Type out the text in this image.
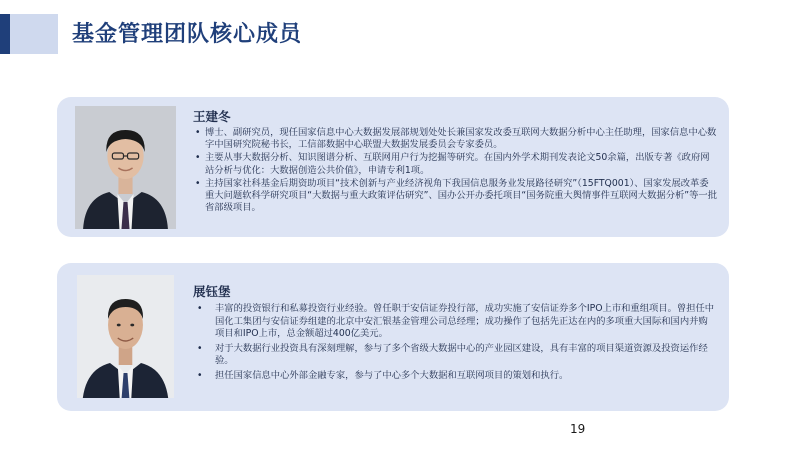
基金管理团队核心成员
王建冬
• 博士、副研究员，现任国家信息中心大数据发展部规划处处长兼国家发改委互联网大数据分析中心主任助理，国家信息中心数字中国研究院秘书长，工信部数据中心联盟大数据发展委员会专家委员。
• 主要从事大数据分析、知识图谱分析、互联网用户行为挖掘等研究。在国内外学术期刊发表论文50余篇，出版专著《政府网站分析与优化：大数据创造公共价值》，申请专利1项。
• 主持国家社科基金后期资助项目“技术创新与产业经济视角下我国信息服务业发展路径研究”（15FTQ001）、国家发展改革委重大问题软科学研究项目“大数据与重大政策评估研究”、国办公开办委托项目“国务院重大舆情事件互联网大数据分析”等一批省部级项目。
展钰堡
• 丰富的投资银行和私募投资行业经验。曾任职于安信证券投行部，成功实施了安信证券多个IPO上市和重组项目。曾担任中国化工集团与安信证券组建的北京中安汇银基金管理公司总经理；成功操作了包括先正达在内的多项重大国际和国内并购项目和IPO上市，总金额超过400亿美元。
• 对于大数据行业投资具有深刻理解，参与了多个省级大数据中心的产业园区建设，具有丰富的项目渠道资源及投资运作经验。
• 担任国家信息中心外部金融专家，参与了中心多个大数据和互联网项目的策划和执行。
19
